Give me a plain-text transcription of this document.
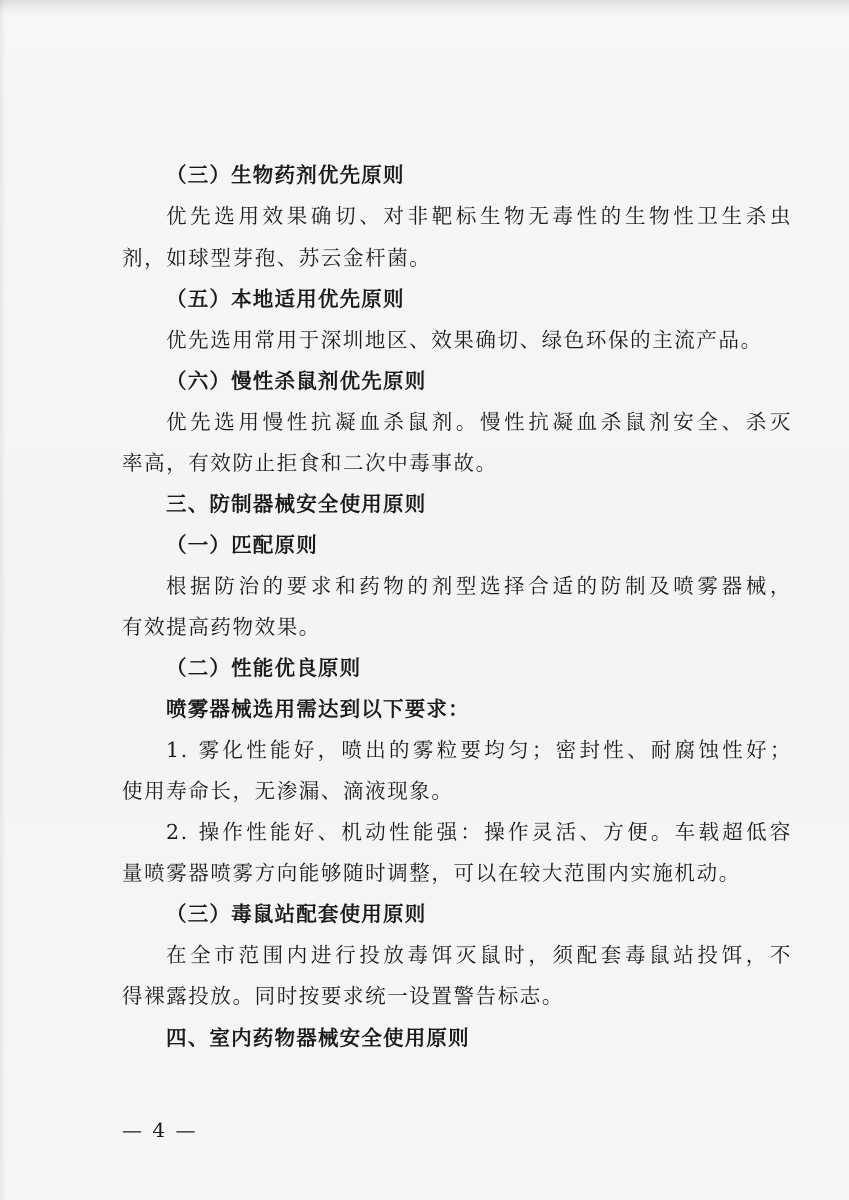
（三）生物药剂优先原则
优先选用效果确切、对非靶标生物无毒性的生物性卫生杀虫
剂，如球型芽孢、苏云金杆菌。
（五）本地适用优先原则
优先选用常用于深圳地区、效果确切、绿色环保的主流产品。
（六）慢性杀鼠剂优先原则
优先选用慢性抗凝血杀鼠剂。慢性抗凝血杀鼠剂安全、杀灭
率高，有效防止拒食和二次中毒事故。
三、防制器械安全使用原则
（一）匹配原则
根据防治的要求和药物的剂型选择合适的防制及喷雾器械，
有效提高药物效果。
（二）性能优良原则
喷雾器械选用需达到以下要求：
1. 雾化性能好，喷出的雾粒要均匀；密封性、耐腐蚀性好；
使用寿命长，无渗漏、滴液现象。
2. 操作性能好、机动性能强：操作灵活、方便。车载超低容
量喷雾器喷雾方向能够随时调整，可以在较大范围内实施机动。
（三）毒鼠站配套使用原则
在全市范围内进行投放毒饵灭鼠时，须配套毒鼠站投饵，不
得裸露投放。同时按要求统一设置警告标志。
四、室内药物器械安全使用原则
— 4 —
